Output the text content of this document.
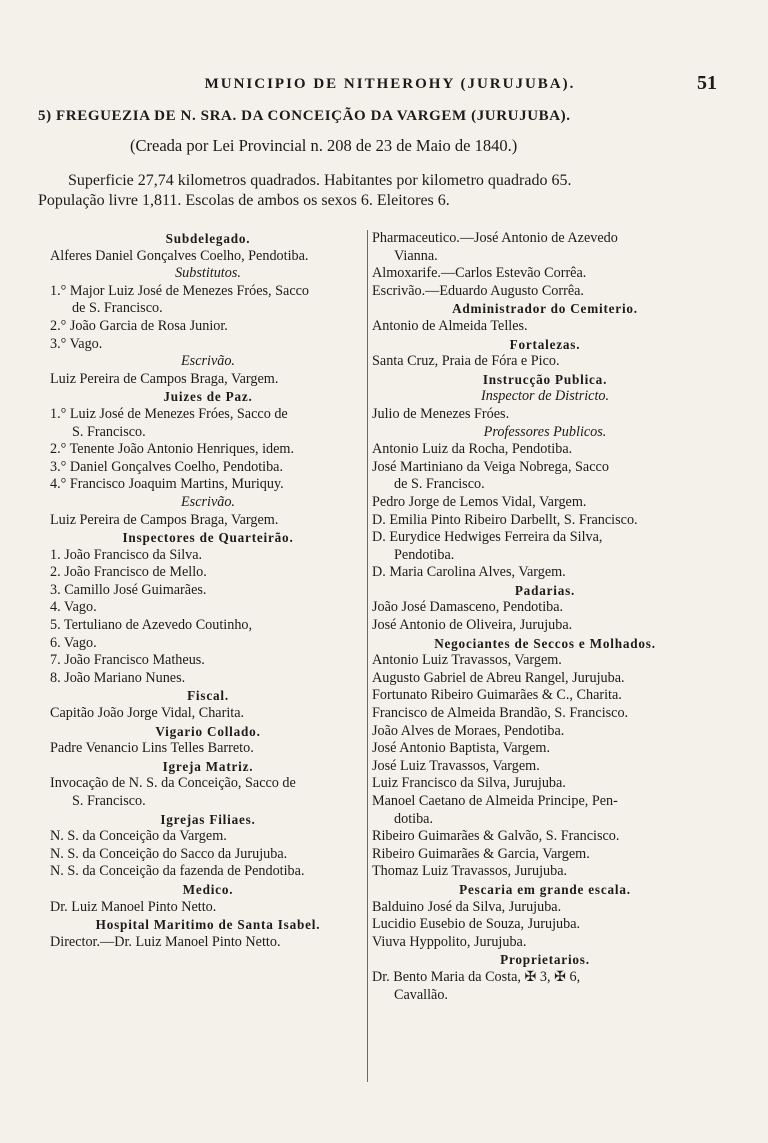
MUNICIPIO DE NITHEROHY (JURUJUBA).	51
5) FREGUEZIA DE N. SRA. DA CONCEIÇÃO DA VARGEM (JURUJUBA).
(Creada por Lei Provincial n. 208 de 23 de Maio de 1840.)
Superficie 27,74 kilometros quadrados. Habitantes por kilometro quadrado 65.
População livre 1,811. Escolas de ambos os sexos 6. Eleitores 6.
Subdelegado.
Alferes Daniel Gonçalves Coelho, Pendotiba.
Substitutos.
1.° Major Luiz José de Menezes Fróes, Sacco
de S. Francisco.
2.° João Garcia de Rosa Junior.
3.° Vago.
Escrivão.
Luiz Pereira de Campos Braga, Vargem.
Juizes de Paz.
1.° Luiz José de Menezes Fróes, Sacco de
S. Francisco.
2.° Tenente João Antonio Henriques, idem.
3.° Daniel Gonçalves Coelho, Pendotiba.
4.° Francisco Joaquim Martins, Muriquy.
Escrivão.
Luiz Pereira de Campos Braga, Vargem.
Inspectores de Quarteirão.
1. João Francisco da Silva.
2. João Francisco de Mello.
3. Camillo José Guimarães.
4. Vago.
5. Tertuliano de Azevedo Coutinho,
6. Vago.
7. João Francisco Matheus.
8. João Mariano Nunes.
Fiscal.
Capitão João Jorge Vidal, Charita.
Vigario Collado.
Padre Venancio Lins Telles Barreto.
Igreja Matriz.
Invocação de N. S. da Conceição, Sacco de
S. Francisco.
Igrejas Filiaes.
N. S. da Conceição da Vargem.
N. S. da Conceição do Sacco da Jurujuba.
N. S. da Conceição da fazenda de Pendotiba.
Medico.
Dr. Luiz Manoel Pinto Netto.
Hospital Maritimo de Santa Isabel.
Director.—Dr. Luiz Manoel Pinto Netto.
Pharmaceutico.—José Antonio de Azevedo
Vianna.
Almoxarife.—Carlos Estevão Corrêa.
Escrivão.—Eduardo Augusto Corrêa.
Administrador do Cemiterio.
Antonio de Almeida Telles.
Fortalezas.
Santa Cruz, Praia de Fóra e Pico.
Instrucção Publica.
Inspector de Districto.
Julio de Menezes Fróes.
Professores Publicos.
Antonio Luiz da Rocha, Pendotiba.
José Martiniano da Veiga Nobrega, Sacco
de S. Francisco.
Pedro Jorge de Lemos Vidal, Vargem.
D. Emilia Pinto Ribeiro Darbellt, S. Francisco.
D. Eurydice Hedwiges Ferreira da Silva,
Pendotiba.
D. Maria Carolina Alves, Vargem.
Padarias.
João José Damasceno, Pendotiba.
José Antonio de Oliveira, Jurujuba.
Negociantes de Seccos e Molhados.
Antonio Luiz Travassos, Vargem.
Augusto Gabriel de Abreu Rangel, Jurujuba.
Fortunato Ribeiro Guimarães & C., Charita.
Francisco de Almeida Brandão, S. Francisco.
João Alves de Moraes, Pendotiba.
José Antonio Baptista, Vargem.
José Luiz Travassos, Vargem.
Luiz Francisco da Silva, Jurujuba.
Manoel Caetano de Almeida Principe, Pen-
dotiba.
Ribeiro Guimarães & Galvão, S. Francisco.
Ribeiro Guimarães & Garcia, Vargem.
Thomaz Luiz Travassos, Jurujuba.
Pescaria em grande escala.
Balduino José da Silva, Jurujuba.
Lucidio Eusebio de Souza, Jurujuba.
Viuva Hyppolito, Jurujuba.
Proprietarios.
Dr. Bento Maria da Costa, ✠ 3, ✠ 6,
Cavallão.
